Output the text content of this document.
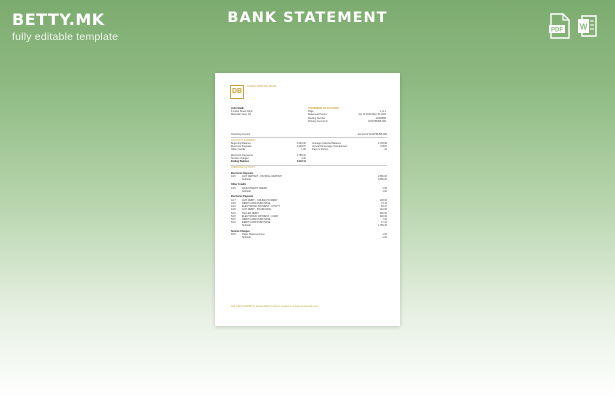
BETTY.MK
fully editable template
BANK STATEMENT
PDF W
DB
DHAKA CENTRAL BANK
John Smith
8 Celso Street Clinic
Mountain View, CA
STATEMENT OF ACCOUNT
Page	1 of 1
Statement Period	Apr 15 2023-May 15 2023
Routing Number	11094856
Primary Account #	0219756398 000
Checking Account	Account # 0219756398 000
ACCOUNT SUMMARY
Beginning Balance	3,390.00
Electronic Deposits	3,468.97
Other Credits	1.00
Average Collected Balance	1,136.98
Annual Percentage Yield Earned	0.00%
Days in Period	31
Electronic Payments	1,789.32
Service Charges	1.00
Ending Balance	1,042.11
CHECKING ACTIVITY
Electronic Deposits
4/15	ACH DEPOSIT - PAYROLL DEPOSIT	1,880.00
Subtotal	1,880.00
Other Credits
4/15	ADJUSTMENT CREDIT	1.00
Subtotal	1.00
Electronic Payment
4/17	ACH DEBIT - ONLINE PAYMENT	108.00
4/20	DEBIT CARD PURCHASE	72.14
4/24	ELECTRONIC PAYMENT - UTILITY	56.37
4/26	ACH DEBIT - INSURANCE	142.00
5/01	TELLER DEBIT	500.00
5/03	ELECTRONIC PAYMENT - CARD	320.00
5/07	DEBIT CARD PURCHASE	7.00
5/10	DEBIT CARD PURCHASE	17.22
Subtotal	1,789.32
Service Charges
5/15	Paper Statement Fee	1.00
Subtotal	1.00
Call 1-800-1-000000 for 24-hour Bank by Phone services or connect to www.dcb.com
